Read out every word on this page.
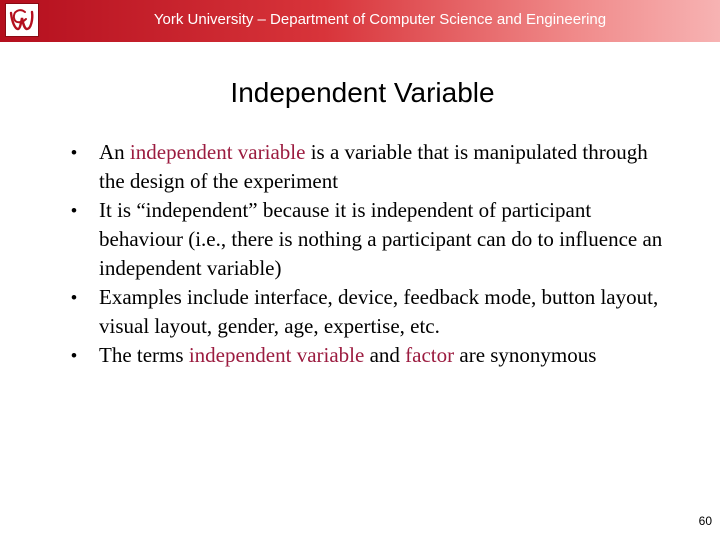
York University – Department of Computer Science and Engineering
Independent Variable
• An independent variable is a variable that is manipulated through the design of the experiment
• It is “independent” because it is independent of participant behaviour (i.e., there is nothing a participant can do to influence an independent variable)
• Examples include interface, device, feedback mode, button layout, visual layout, gender, age, expertise, etc.
• The terms independent variable and factor are synonymous
60
